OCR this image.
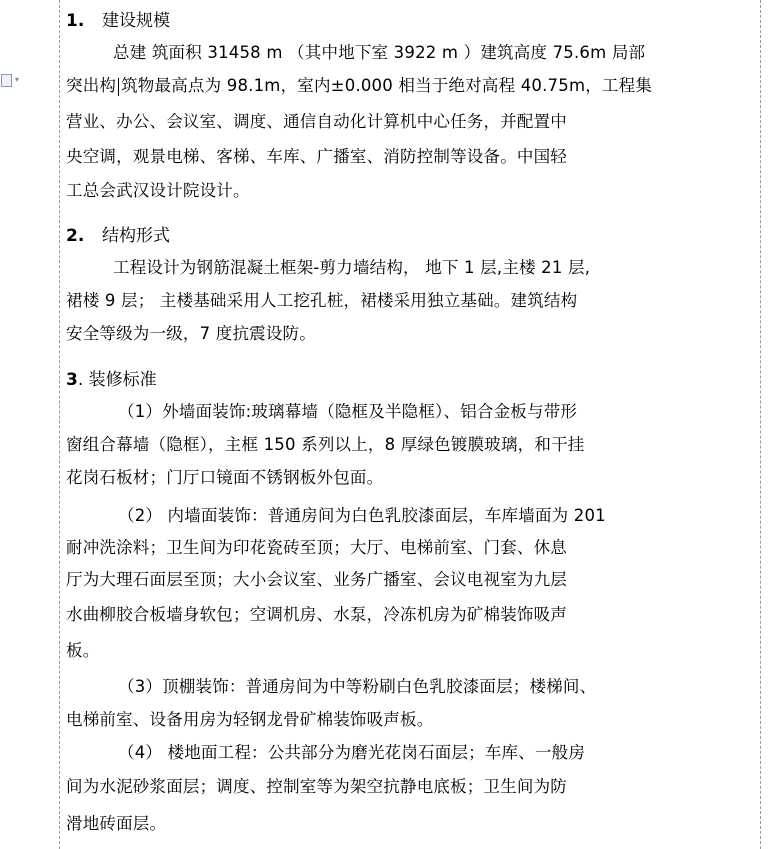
▾
1. 建设规模
总建 筑面积 31458 m （其中地下室 3922 m ）建筑高度 75.6m 局部
突出构 筑物最高点为 98.1m，室内±0.000 相当于绝对高程 40.75m，工程集
营业、办公、会议室、调度、通信自动化计算机中心任务，并配置中
央空调，观景电梯、客梯、车库、广播室、消防控制等设备。中国轻
工总会武汉设计院设计。
2. 结构形式
工程设计为钢筋混凝土框架-剪力墙结构， 地下 1 层,主楼 21 层,
裙楼 9 层； 主楼基础采用人工挖孔桩，裙楼采用独立基础。建筑结构
安全等级为一级，7 度抗震设防。
3. 装修标准
（1）外墙面装饰:玻璃幕墙（隐框及半隐框）、铝合金板与带形
窗组合幕墙（隐框），主框 150 系列以上，8 厚绿色镀膜玻璃，和干挂
花岗石板材；门厅口镜面不锈钢板外包面。
（2） 内墙面装饰：普通房间为白色乳胶漆面层，车库墙面为 201
耐冲洗涂料；卫生间为印花瓷砖至顶；大厅、电梯前室、门套、休息
厅为大理石面层至顶；大小会议室、业务广播室、会议电视室为九层
水曲柳胶合板墙身软包；空调机房、水泵，冷冻机房为矿棉装饰吸声
板。
（3）顶棚装饰：普通房间为中等粉刷白色乳胶漆面层；楼梯间、
电梯前室、设备用房为轻钢龙骨矿棉装饰吸声板。
（4） 楼地面工程：公共部分为磨光花岗石面层；车库、一般房
间为水泥砂浆面层；调度、控制室等为架空抗静电底板；卫生间为防
滑地砖面层。
